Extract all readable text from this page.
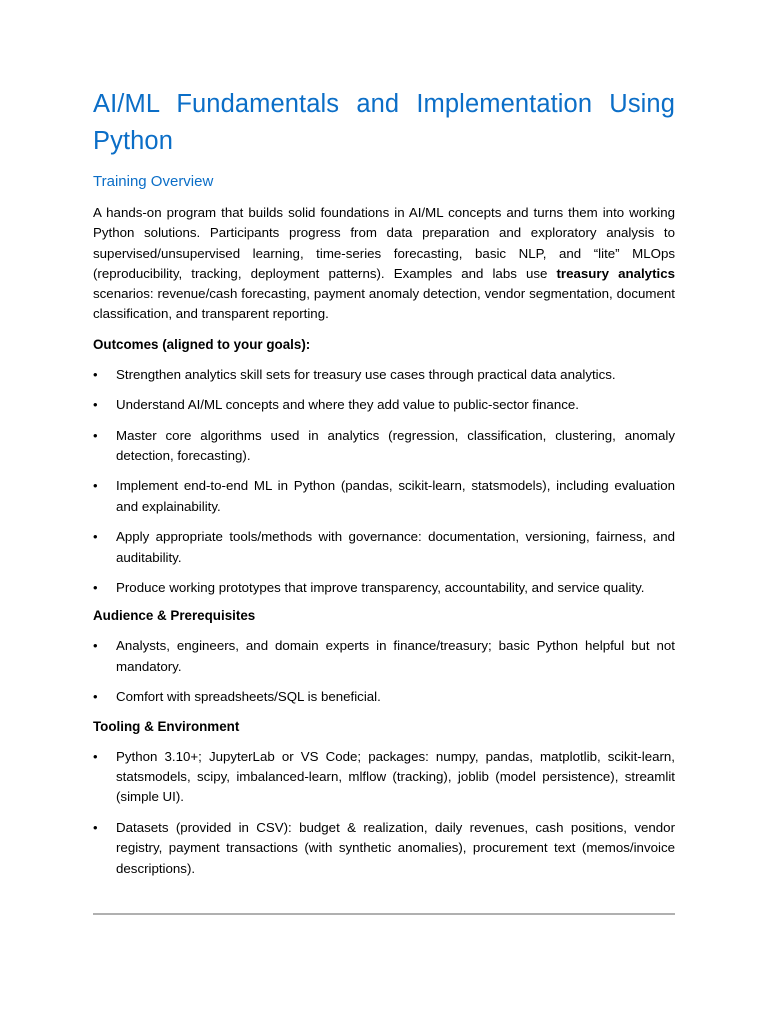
AI/ML Fundamentals and Implementation Using Python
Training Overview

A hands-on program that builds solid foundations in AI/ML concepts and turns them into working Python solutions. Participants progress from data preparation and exploratory analysis to supervised/unsupervised learning, time-series forecasting, basic NLP, and “lite” MLOps (reproducibility, tracking, deployment patterns). Examples and labs use treasury analytics scenarios: revenue/cash forecasting, payment anomaly detection, vendor segmentation, document classification, and transparent reporting.

Outcomes (aligned to your goals):
• Strengthen analytics skill sets for treasury use cases through practical data analytics.
• Understand AI/ML concepts and where they add value to public-sector finance.
• Master core algorithms used in analytics (regression, classification, clustering, anomaly detection, forecasting).
• Implement end-to-end ML in Python (pandas, scikit-learn, statsmodels), including evaluation and explainability.
• Apply appropriate tools/methods with governance: documentation, versioning, fairness, and auditability.
• Produce working prototypes that improve transparency, accountability, and service quality.
Audience & Prerequisites
• Analysts, engineers, and domain experts in finance/treasury; basic Python helpful but not mandatory.
• Comfort with spreadsheets/SQL is beneficial.
Tooling & Environment
• Python 3.10+; JupyterLab or VS Code; packages: numpy, pandas, matplotlib, scikit-learn, statsmodels, scipy, imbalanced-learn, mlflow (tracking), joblib (model persistence), streamlit (simple UI).
• Datasets (provided in CSV): budget & realization, daily revenues, cash positions, vendor registry, payment transactions (with synthetic anomalies), procurement text (memos/invoice descriptions).
